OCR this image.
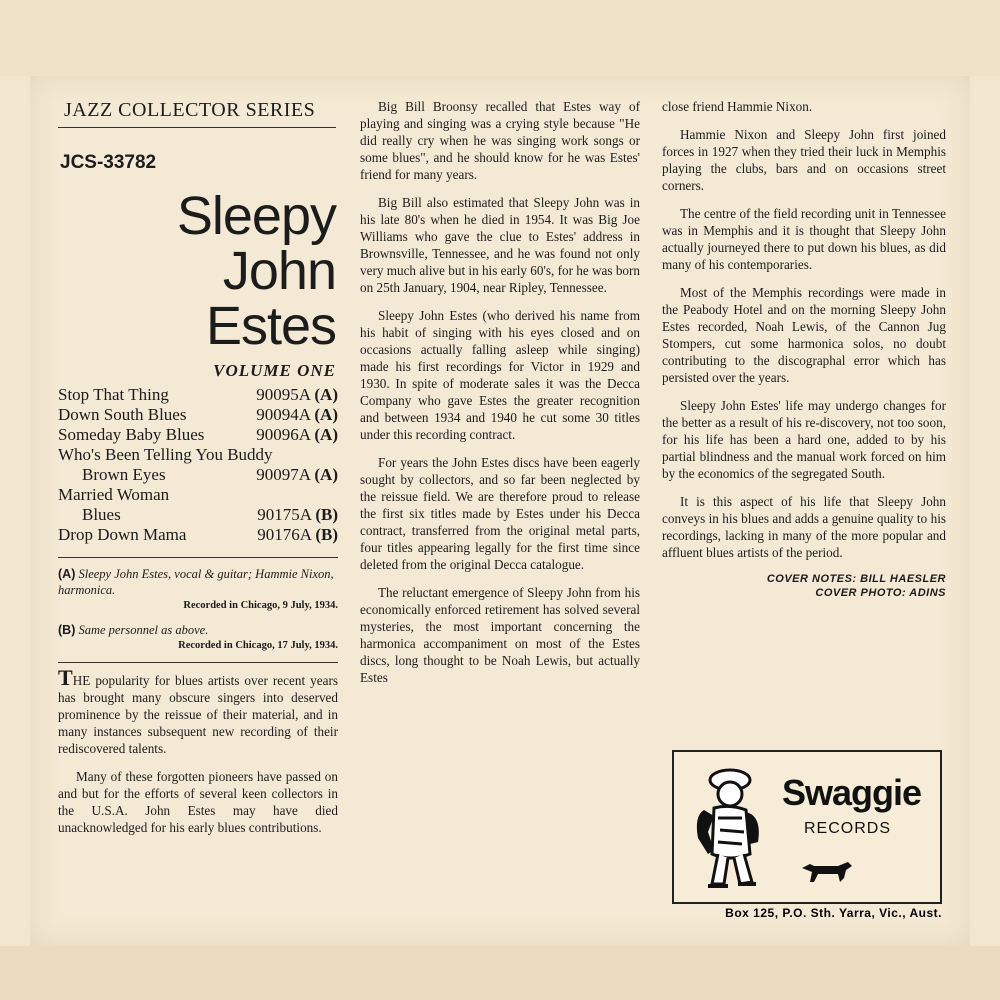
JAZZ COLLECTOR SERIES
JCS-33782
Sleepy
John
Estes
VOLUME ONE
Stop That Thing	90095A (A)
Down South Blues	90094A (A)
Someday Baby Blues	90096A (A)
Who's Been Telling You Buddy
Brown Eyes	90097A (A)
Married Woman
Blues	90175A (B)
Drop Down Mama	90176A (B)
(A) Sleepy John Estes, vocal & guitar; Hammie Nixon, harmonica.
Recorded in Chicago, 9 July, 1934.
(B) Same personnel as above.
Recorded in Chicago, 17 July, 1934.

THE popularity for blues artists over recent years has brought many obscure singers into deserved prominence by the reissue of their material, and in many instances subsequent new recording of their rediscovered talents.

Many of these forgotten pioneers have passed on and but for the efforts of several keen collectors in the U.S.A. John Estes may have died unacknowledged for his early blues contributions.

Big Bill Broonsy recalled that Estes way of playing and singing was a crying style because "He did really cry when he was singing work songs or some blues", and he should know for he was Estes' friend for many years.

Big Bill also estimated that Sleepy John was in his late 80's when he died in 1954. It was Big Joe Williams who gave the clue to Estes' address in Brownsville, Tennessee, and he was found not only very much alive but in his early 60's, for he was born on 25th January, 1904, near Ripley, Tennessee.

Sleepy John Estes (who derived his name from his habit of singing with his eyes closed and on occasions actually falling asleep while singing) made his first recordings for Victor in 1929 and 1930. In spite of moderate sales it was the Decca Company who gave Estes the greater recognition and between 1934 and 1940 he cut some 30 titles under this recording contract.

For years the John Estes discs have been eagerly sought by collectors, and so far been neglected by the reissue field. We are therefore proud to release the first six titles made by Estes under his Decca contract, transferred from the original metal parts, four titles appearing legally for the first time since deleted from the original Decca catalogue.

The reluctant emergence of Sleepy John from his economically enforced retirement has solved several mysteries, the most important concerning the harmonica accompaniment on most of the Estes discs, long thought to be Noah Lewis, but actually Estes

close friend Hammie Nixon.

Hammie Nixon and Sleepy John first joined forces in 1927 when they tried their luck in Memphis playing the clubs, bars and on occasions street corners.

The centre of the field recording unit in Tennessee was in Memphis and it is thought that Sleepy John actually journeyed there to put down his blues, as did many of his contemporaries.

Most of the Memphis recordings were made in the Peabody Hotel and on the morning Sleepy John Estes recorded, Noah Lewis, of the Cannon Jug Stompers, cut some harmonica solos, no doubt contributing to the discographal error which has persisted over the years.

Sleepy John Estes' life may undergo changes for the better as a result of his re-discovery, not too soon, for his life has been a hard one, added to by his partial blindness and the manual work forced on him by the economics of the segregated South.

It is this aspect of his life that Sleepy John conveys in his blues and adds a genuine quality to his recordings, lacking in many of the more popular and affluent blues artists of the period.

COVER NOTES: BILL HAESLER
COVER PHOTO: ADINS
Swaggie
RECORDS
Box 125, P.O. Sth. Yarra, Vic., Aust.
